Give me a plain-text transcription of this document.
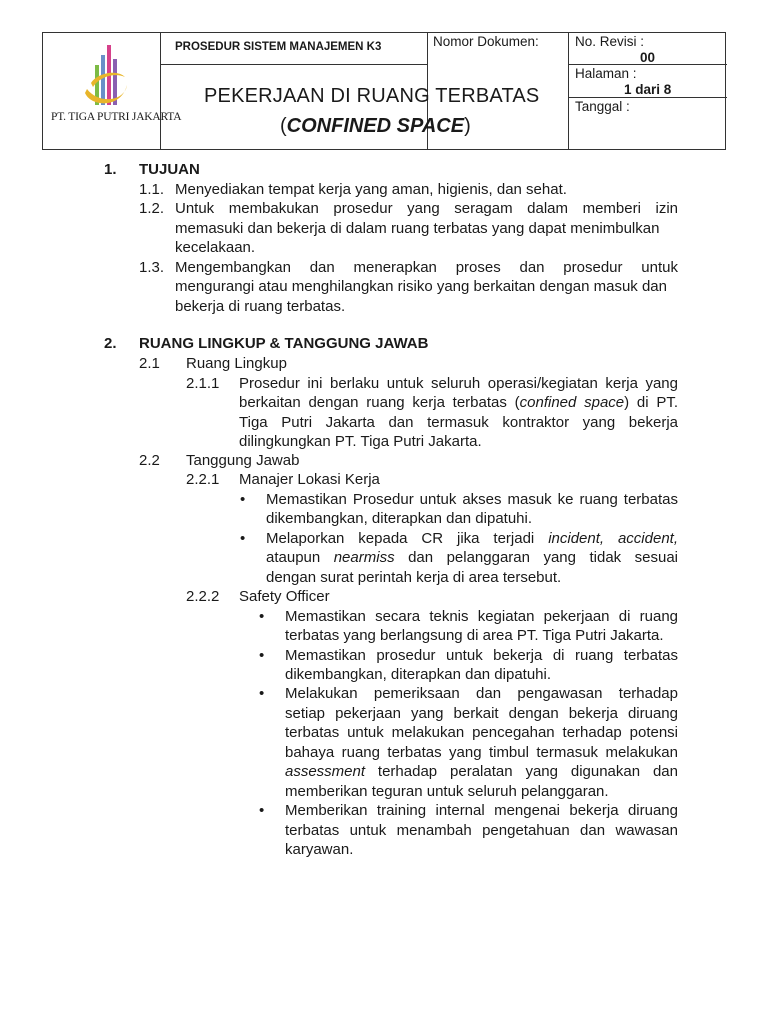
PT. TIGA PUTRI JAKARTA
PROSEDUR SISTEM MANAJEMEN K3
PEKERJAAN DI RUANG TERBATAS
(CONFINED SPACE)
Nomor Dokumen:	No. Revisi :
00
Halaman :
1 dari 8
Tanggal :
1. TUJUAN
1.1. Menyediakan tempat kerja yang aman, higienis, dan sehat.
1.2. Untuk membakukan prosedur yang seragam dalam memberi izin
memasuki dan bekerja di dalam ruang terbatas yang dapat menimbulkan
kecelakaan.
1.3. Mengembangkan dan menerapkan proses dan prosedur untuk
mengurangi atau menghilangkan risiko yang berkaitan dengan masuk dan
bekerja di ruang terbatas.
2. RUANG LINGKUP & TANGGUNG JAWAB
2.1 Ruang Lingkup
2.1.1 Prosedur ini berlaku untuk seluruh operasi/kegiatan kerja yang
berkaitan dengan ruang kerja terbatas (confined space) di PT.
Tiga Putri Jakarta dan termasuk kontraktor yang bekerja
dilingkungkan PT. Tiga Putri Jakarta.
2.2 Tanggung Jawab
2.2.1 Manajer Lokasi Kerja
• Memastikan Prosedur untuk akses masuk ke ruang terbatas
dikembangkan, diterapkan dan dipatuhi.
• Melaporkan kepada CR jika terjadi incident, accident,
ataupun nearmiss dan pelanggaran yang tidak sesuai
dengan surat perintah kerja di area tersebut.
2.2.2 Safety Officer
• Memastikan secara teknis kegiatan pekerjaan di ruang
terbatas yang berlangsung di area PT. Tiga Putri Jakarta.
• Memastikan prosedur untuk bekerja di ruang terbatas
dikembangkan, diterapkan dan dipatuhi.
• Melakukan pemeriksaan dan pengawasan terhadap
setiap pekerjaan yang berkait dengan bekerja diruang
terbatas untuk melakukan pencegahan terhadap potensi
bahaya ruang terbatas yang timbul termasuk melakukan
assessment terhadap peralatan yang digunakan dan
memberikan teguran untuk seluruh pelanggaran.
• Memberikan training internal mengenai bekerja diruang
terbatas untuk menambah pengetahuan dan wawasan
karyawan.
